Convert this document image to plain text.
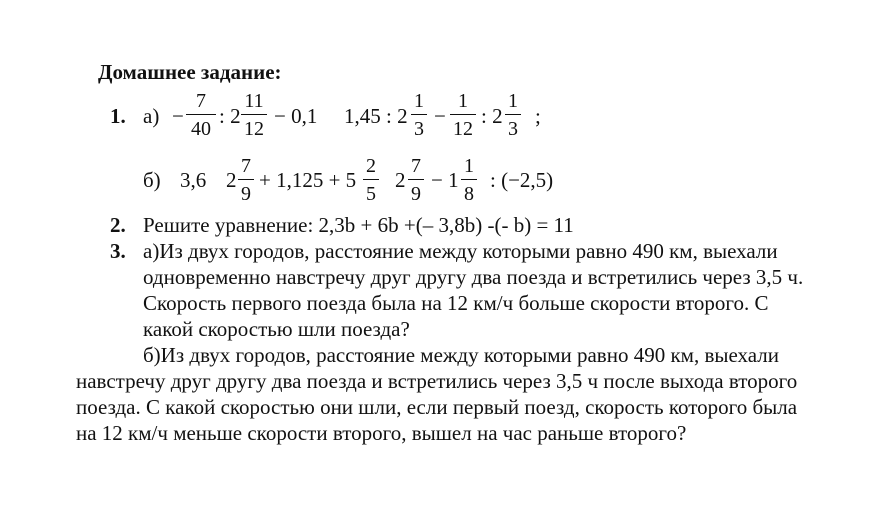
Домашнее задание:
1. а) −
7
40
: 2
11
12
− 0,1 1,45 : 2
1
3
−
1
12
: 2
1
3
;
б) 3,6 2
7
9
+ 1,125 + 5
2
5
2
7
9
− 1
1
8
: (−2,5)
2. Решите уравнение: 2,3b + 6b +(– 3,8b) -(- b) = 11
3. а)Из двух городов, расстояние между которыми равно 490 км, выехали
одновременно навстречу друг другу два поезда и встретились через 3,5 ч.
Скорость первого поезда была на 12 км/ч больше скорости второго. С
какой скоростью шли поезда?
б)Из двух городов, расстояние между которыми равно 490 км, выехали
навстречу друг другу два поезда и встретились через 3,5 ч после выхода второго
поезда. С какой скоростью они шли, если первый поезд, скорость которого была
на 12 км/ч меньше скорости второго, вышел на час раньше второго?
